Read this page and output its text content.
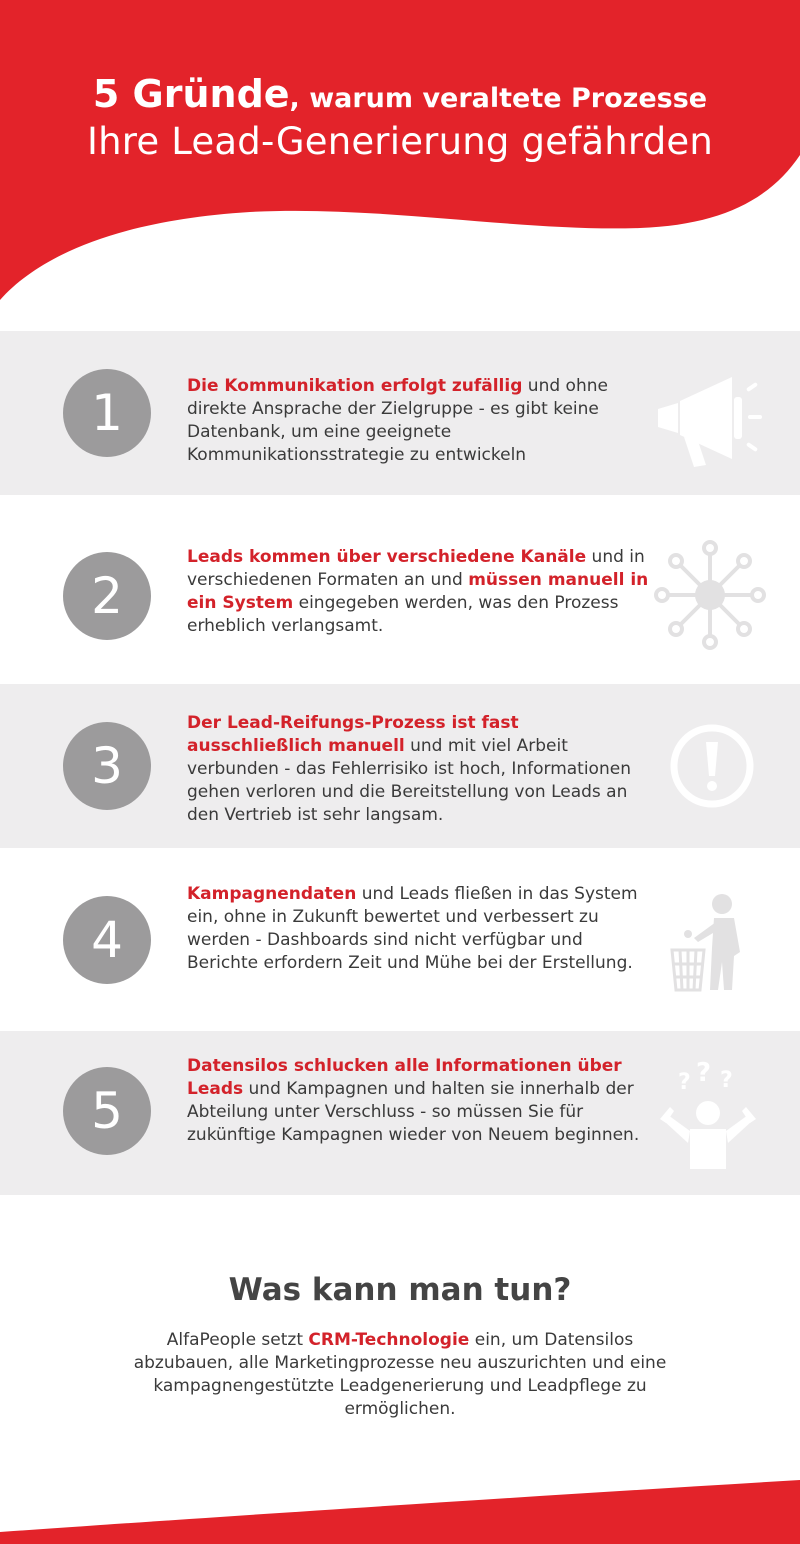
5 Gründe, warum veraltete Prozesse
Ihre Lead-Generierung gefährden
1	Die Kommunikation erfolgt zufällig und ohne direkte Ansprache der Zielgruppe - es gibt keine Datenbank, um eine geeignete Kommunikationsstrategie zu entwickeln
2
Leads kommen über verschiedene Kanäle und in verschiedenen Formaten an und müssen manuell in ein System eingegeben werden, was den Prozess erheblich verlangsamt.
3
Der Lead-Reifungs-Prozess ist fast ausschließlich manuell und mit viel Arbeit verbunden - das Fehlerrisiko ist hoch, Informationen gehen verloren und die Bereitstellung von Leads an den Vertrieb ist sehr langsam.
4
Kampagnendaten und Leads fließen in das System ein, ohne in Zukunft bewertet und verbessert zu werden - Dashboards sind nicht verfügbar und Berichte erfordern Zeit und Mühe bei der Erstellung.
5
Datensilos schlucken alle Informationen über Leads und Kampagnen und halten sie innerhalb der Abteilung unter Verschluss - so müssen Sie für zukünftige Kampagnen wieder von Neuem beginnen.
? ? ?
Was kann man tun?
AlfaPeople setzt CRM-Technologie ein, um Datensilos abzubauen, alle Marketingprozesse neu auszurichten und eine kampagnengestützte Leadgenerierung und Leadpflege zu ermöglichen.
